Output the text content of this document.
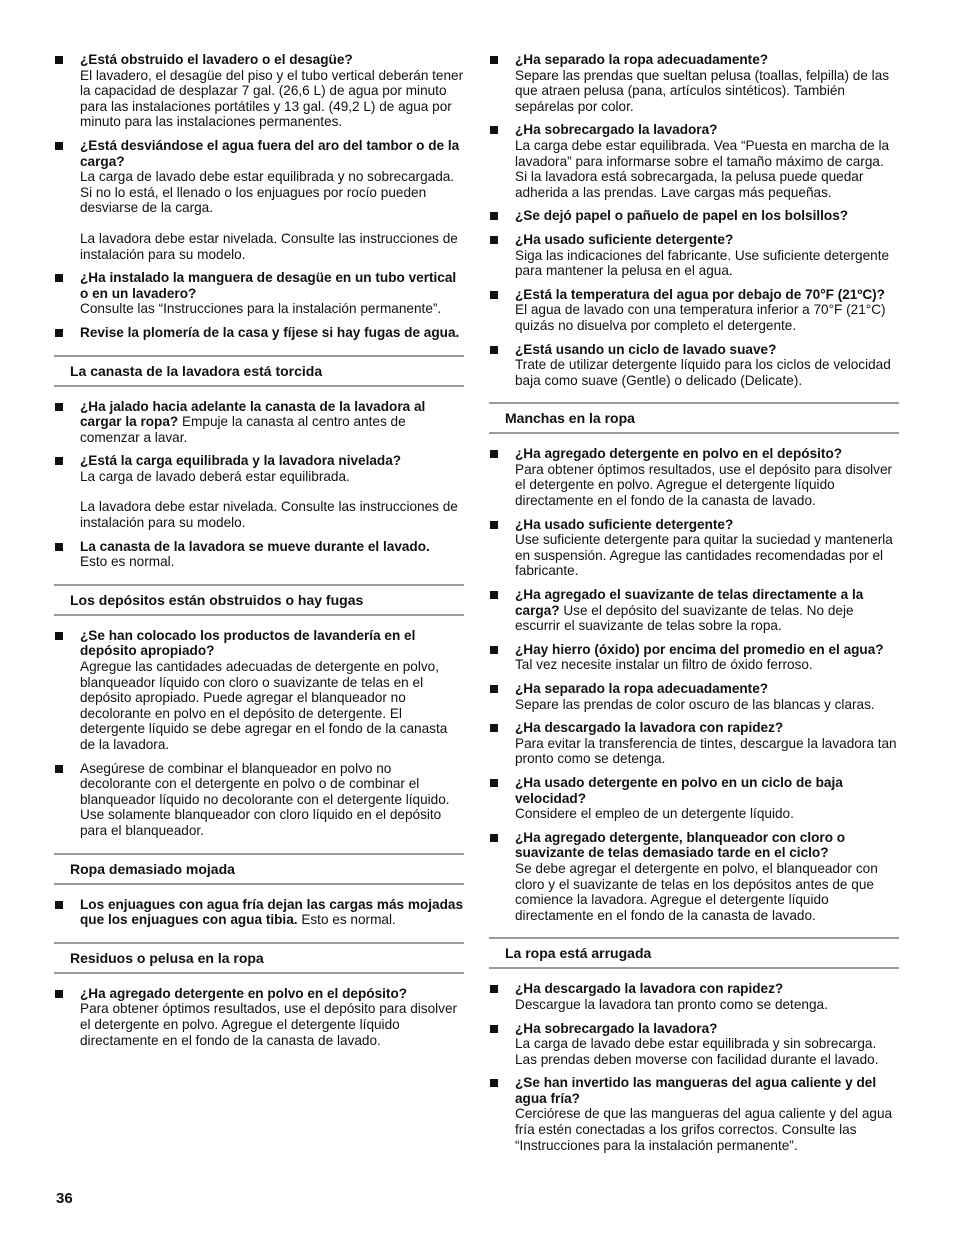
¿Está obstruido el lavadero o el desagüe?
El lavadero, el desagüe del piso y el tubo vertical deberán tener la capacidad de desplazar 7 gal. (26,6 L) de agua por minuto para las instalaciones portátiles y 13 gal. (49,2 L) de agua por minuto para las instalaciones permanentes.
¿Está desviándose el agua fuera del aro del tambor o de la carga?
La carga de lavado debe estar equilibrada y no sobrecargada. Si no lo está, el llenado o los enjuagues por rocío pueden desviarse de la carga.
La lavadora debe estar nivelada. Consulte las instrucciones de instalación para su modelo.
¿Ha instalado la manguera de desagüe en un tubo vertical o en un lavadero?
Consulte las “Instrucciones para la instalación permanente”.
Revise la plomería de la casa y fíjese si hay fugas de agua.
La canasta de la lavadora está torcida
¿Ha jalado hacia adelante la canasta de la lavadora al cargar la ropa? Empuje la canasta al centro antes de comenzar a lavar.
¿Está la carga equilibrada y la lavadora nivelada?
La carga de lavado deberá estar equilibrada.
La lavadora debe estar nivelada. Consulte las instrucciones de instalación para su modelo.
La canasta de la lavadora se mueve durante el lavado.
Esto es normal.
Los depósitos están obstruidos o hay fugas
¿Se han colocado los productos de lavandería en el depósito apropiado?
Agregue las cantidades adecuadas de detergente en polvo, blanqueador líquido con cloro o suavizante de telas en el depósito apropiado. Puede agregar el blanqueador no decolorante en polvo en el depósito de detergente. El detergente líquido se debe agregar en el fondo de la canasta de la lavadora.
Asegúrese de combinar el blanqueador en polvo no decolorante con el detergente en polvo o de combinar el blanqueador líquido no decolorante con el detergente líquido. Use solamente blanqueador con cloro líquido en el depósito para el blanqueador.
Ropa demasiado mojada
Los enjuagues con agua fría dejan las cargas más mojadas que los enjuagues con agua tibia. Esto es normal.
Residuos o pelusa en la ropa
¿Ha agregado detergente en polvo en el depósito?
Para obtener óptimos resultados, use el depósito para disolver el detergente en polvo. Agregue el detergente líquido directamente en el fondo de la canasta de lavado.
¿Ha separado la ropa adecuadamente?
Separe las prendas que sueltan pelusa (toallas, felpilla) de las que atraen pelusa (pana, artículos sintéticos). También sepárelas por color.
¿Ha sobrecargado la lavadora?
La carga debe estar equilibrada. Vea “Puesta en marcha de la lavadora” para informarse sobre el tamaño máximo de carga. Si la lavadora está sobrecargada, la pelusa puede quedar adherida a las prendas. Lave cargas más pequeñas.
¿Se dejó papel o pañuelo de papel en los bolsillos?
¿Ha usado suficiente detergente?
Siga las indicaciones del fabricante. Use suficiente detergente para mantener la pelusa en el agua.
¿Está la temperatura del agua por debajo de 70°F (21ºC)?
El agua de lavado con una temperatura inferior a 70°F (21°C) quizás no disuelva por completo el detergente.
¿Está usando un ciclo de lavado suave?
Trate de utilizar detergente líquido para los ciclos de velocidad baja como suave (Gentle) o delicado (Delicate).
Manchas en la ropa
¿Ha agregado detergente en polvo en el depósito?
Para obtener óptimos resultados, use el depósito para disolver el detergente en polvo. Agregue el detergente líquido directamente en el fondo de la canasta de lavado.
¿Ha usado suficiente detergente?
Use suficiente detergente para quitar la suciedad y mantenerla en suspensión. Agregue las cantidades recomendadas por el fabricante.
¿Ha agregado el suavizante de telas directamente a la carga? Use el depósito del suavizante de telas. No deje escurrir el suavizante de telas sobre la ropa.
¿Hay hierro (óxido) por encima del promedio en el agua?
Tal vez necesite instalar un filtro de óxido ferroso.
¿Ha separado la ropa adecuadamente?
Separe las prendas de color oscuro de las blancas y claras.
¿Ha descargado la lavadora con rapidez?
Para evitar la transferencia de tintes, descargue la lavadora tan pronto como se detenga.
¿Ha usado detergente en polvo en un ciclo de baja velocidad?
Considere el empleo de un detergente líquido.
¿Ha agregado detergente, blanqueador con cloro o suavizante de telas demasiado tarde en el ciclo?
Se debe agregar el detergente en polvo, el blanqueador con cloro y el suavizante de telas en los depósitos antes de que comience la lavadora. Agregue el detergente líquido directamente en el fondo de la canasta de lavado.
La ropa está arrugada
¿Ha descargado la lavadora con rapidez?
Descargue la lavadora tan pronto como se detenga.
¿Ha sobrecargado la lavadora?
La carga de lavado debe estar equilibrada y sin sobrecarga. Las prendas deben moverse con facilidad durante el lavado.
¿Se han invertido las mangueras del agua caliente y del agua fría?
Cerciórese de que las mangueras del agua caliente y del agua fría estén conectadas a los grifos correctos. Consulte las “Instrucciones para la instalación permanente”.
36
